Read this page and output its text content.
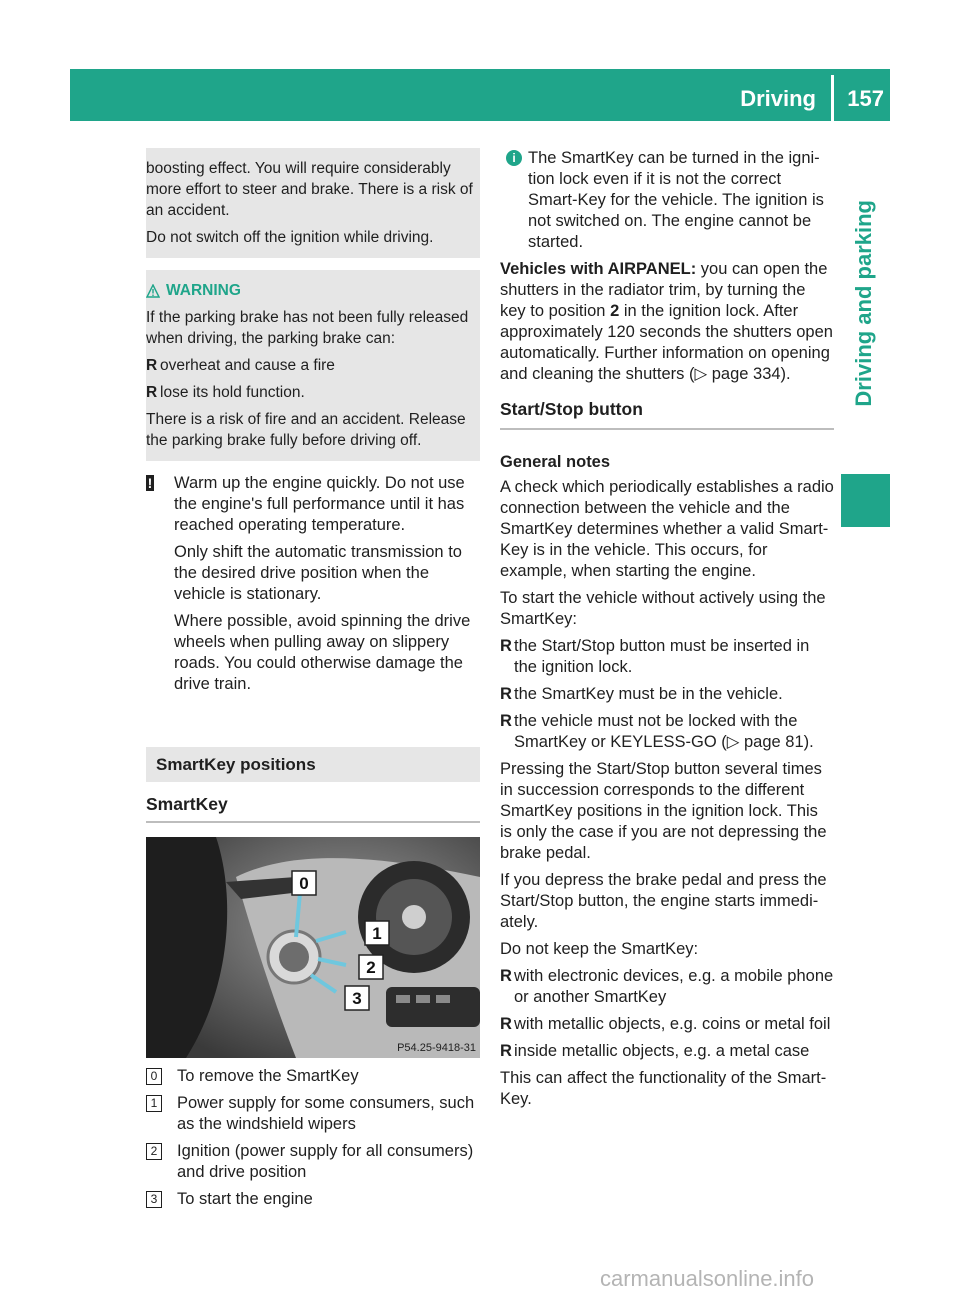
Driving 157
Driving and parking

boosting effect. You will require considerably more effort to steer and brake. There is a risk of an accident.

Do not switch off the ignition while driving.

WARNING

If the parking brake has not been fully released when driving, the parking brake can:

R overheat and cause a fire

R lose its hold function.

There is a risk of fire and an accident. Release the parking brake fully before driving off.

! Warm up the engine quickly. Do not use the engine's full performance until it has reached operating temperature.

Only shift the automatic transmission to the desired drive position when the vehicle is stationary.

Where possible, avoid spinning the drive wheels when pulling away on slippery roads. You could otherwise damage the drive train.

SmartKey positions
SmartKey
0
1
2
3
P54.25-9418-31
0 To remove the SmartKey
1 Power supply for some consumers, such as the windshield wipers
2 Ignition (power supply for all consumers) and drive position
3 To start the engine
i The SmartKey can be turned in the igni-tion lock even if it is not the correct Smart-Key for the vehicle. The ignition is not switched on. The engine cannot be started.

Vehicles with AIRPANEL: you can open the shutters in the radiator trim, by turning the key to position 2 in the ignition lock. After approximately 120 seconds the shutters open automatically. Further information on opening and cleaning the shutters (▷ page 334).

Start/Stop button
General notes

A check which periodically establishes a radio connection between the vehicle and the SmartKey determines whether a valid Smart-Key is in the vehicle. This occurs, for example, when starting the engine.

To start the vehicle without actively using the SmartKey:

R the Start/Stop button must be inserted in the ignition lock.

R the SmartKey must be in the vehicle.

R the vehicle must not be locked with the SmartKey or KEYLESS-GO (▷ page 81).

Pressing the Start/Stop button several times in succession corresponds to the different SmartKey positions in the ignition lock. This is only the case if you are not depressing the brake pedal.

If you depress the brake pedal and press the Start/Stop button, the engine starts immedi-ately.

Do not keep the SmartKey:

R with electronic devices, e.g. a mobile phone or another SmartKey

R with metallic objects, e.g. coins or metal foil

R inside metallic objects, e.g. a metal case

This can affect the functionality of the Smart-Key.

carmanualsonline.info
